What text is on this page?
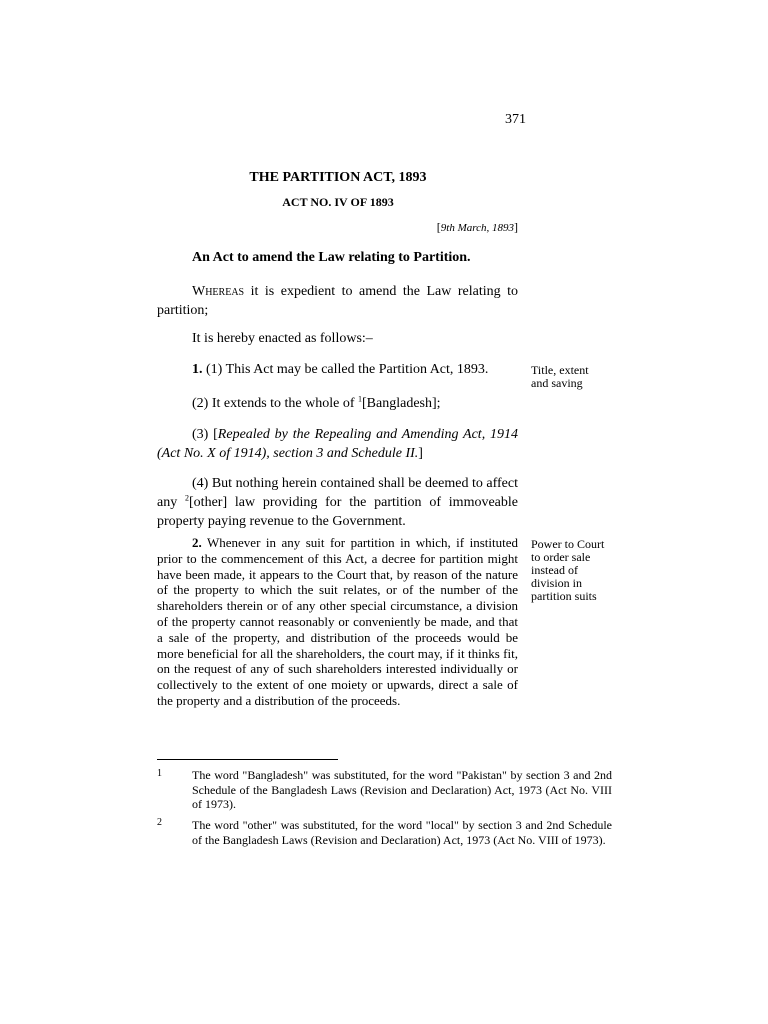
371
THE PARTITION ACT, 1893
ACT NO. IV OF 1893
[9th March, 1893]
An Act to amend the Law relating to Partition.
Whereas it is expedient to amend the Law relating to
partition;
It is hereby enacted as follows:–
1. (1) This Act may be called the Partition Act, 1893.
(2) It extends to the whole of $^1$[Bangladesh];
(3) [Repealed by the Repealing and Amending Act, 1914
(Act No. X of 1914), section 3 and Schedule II.]
(4) But nothing herein contained shall be deemed to affect
any $^2$[other] law providing for the partition of immoveable
property paying revenue to the Government.
2. Whenever in any suit for partition in which, if instituted prior to the commencement of this Act, a decree for partition might have been made, it appears to the Court that, by reason of the nature of the property to which the suit relates, or of the number of the shareholders therein or of any other special circumstance, a division of the property cannot reasonably or conveniently be made, and that a sale of the property, and distribution of the proceeds would be more beneficial for all the shareholders, the court may, if it thinks fit, on the request of any of such shareholders interested individually or collectively to the extent of one moiety or upwards, direct a sale of the property and a distribution of the proceeds.
Title, extent
and saving
Power to Court
to order sale
instead of
division in
partition suits
1	The word "Bangladesh" was substituted, for the word "Pakistan" by section 3 and 2nd Schedule of the Bangladesh Laws (Revision and Declaration) Act, 1973 (Act No. VIII of 1973).
2	The word "other" was substituted, for the word "local" by section 3 and 2nd Schedule of the Bangladesh Laws (Revision and Declaration) Act, 1973 (Act No. VIII of 1973).
